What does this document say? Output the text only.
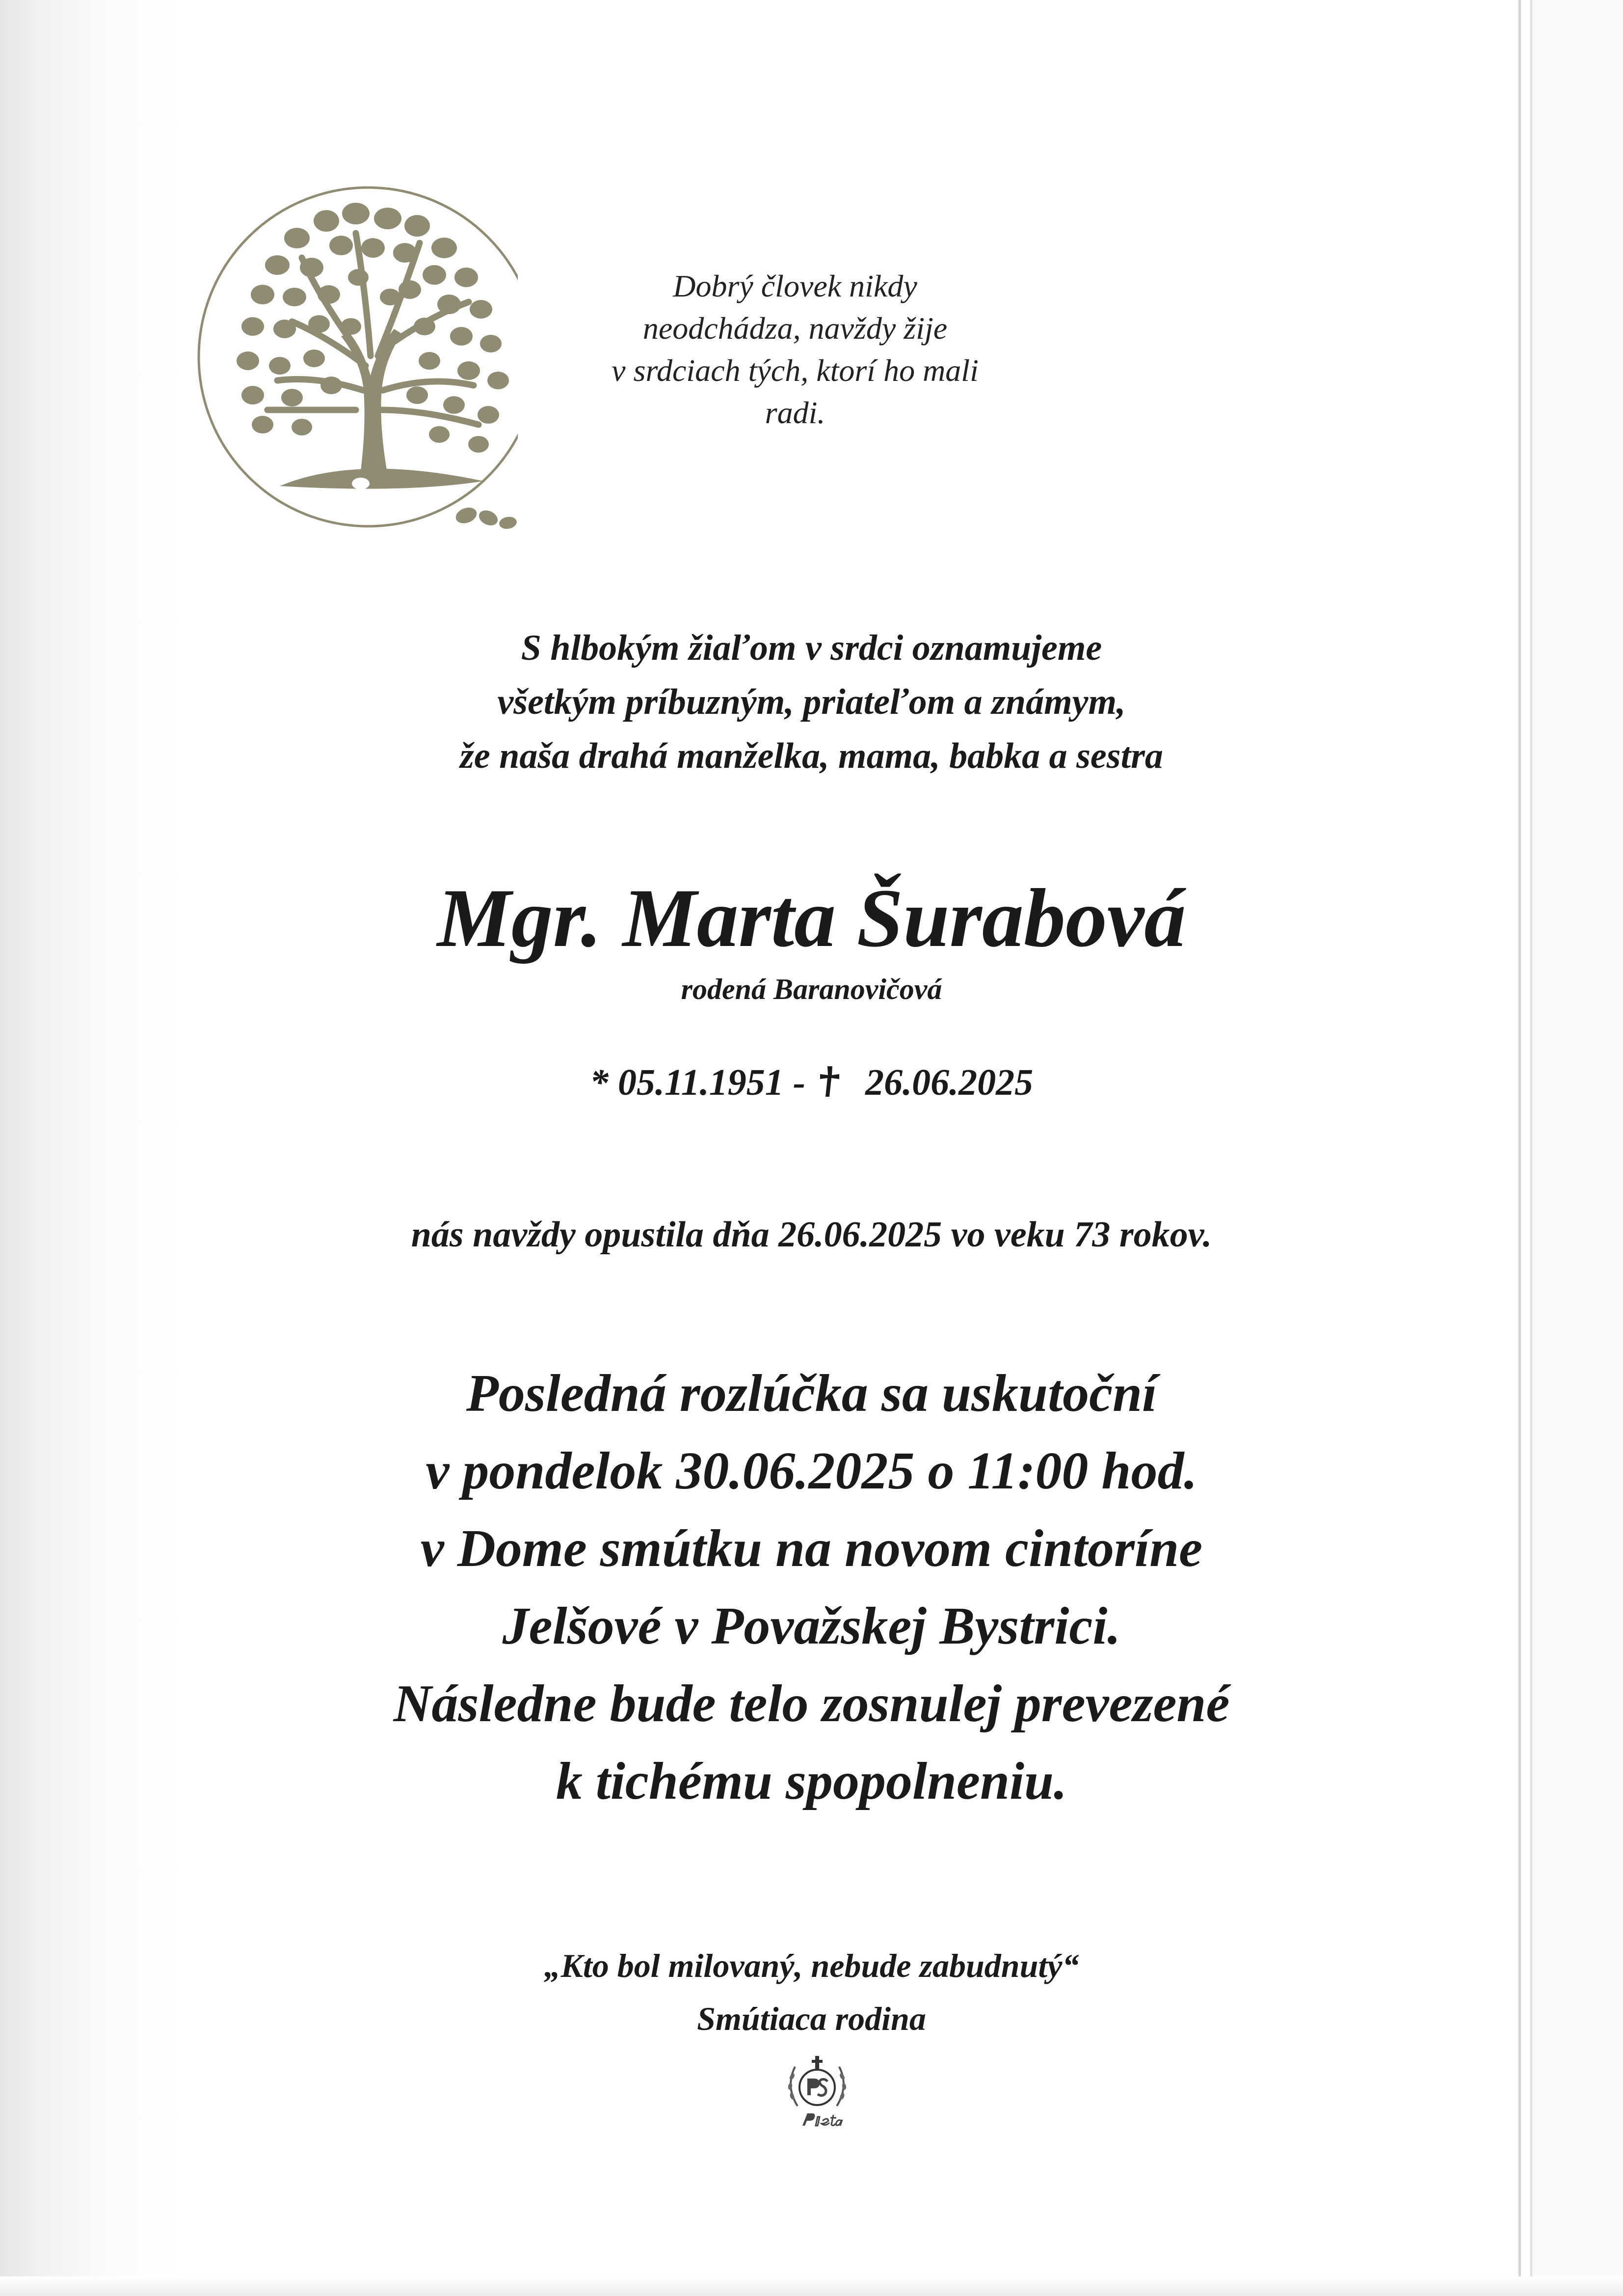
Dobrý človek nikdy
neodchádza, navždy žije
v srdciach tých, ktorí ho mali
radi.
S hlbokým žiaľom v srdci oznamujeme
všetkým príbuzným, priateľom a známym,
že naša drahá manželka, mama, babka a sestra
Mgr. Marta Šurabová
rodená Baranovičová
* 05.11.1951 - 26.06.2025
nás navždy opustila dňa 26.06.2025 vo veku 73 rokov.
Posledná rozlúčka sa uskutoční
v pondelok 30.06.2025 o 11:00 hod.
v Dome smútku na novom cintoríne
Jelšové v Považskej Bystrici.
Následne bude telo zosnulej prevezené
k tichému spopolneniu.
„Kto bol milovaný, nebude zabudnutý“
Smútiaca rodina
